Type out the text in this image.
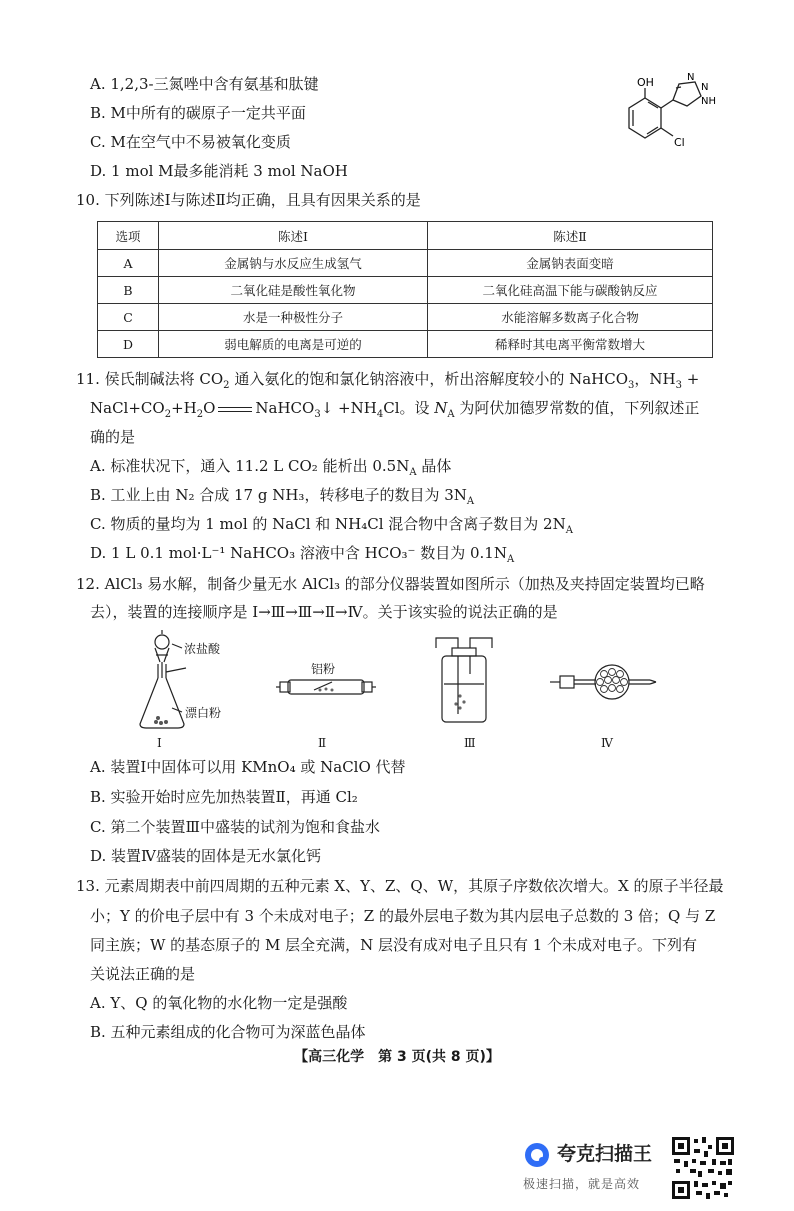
A. 1,2,3-三氮唑中含有氨基和肽键
B. M中所有的碳原子一定共平面
C. M在空气中不易被氧化变质
D. 1 mol M最多能消耗 3 mol NaOH
OH
Cl
N
N
NH
10. 下列陈述Ⅰ与陈述Ⅱ均正确，且具有因果关系的是
选项	陈述Ⅰ	陈述Ⅱ
A	金属钠与水反应生成氢气	金属钠表面变暗
B	二氧化硅是酸性氧化物	二氧化硅高温下能与碳酸钠反应
C	水是一种极性分子	水能溶解多数离子化合物
D	弱电解质的电离是可逆的	稀释时其电离平衡常数增大
11. 侯氏制碱法将 $CO_2$ 通入氨化的饱和氯化钠溶液中，析出溶解度较小的 NaHCO$_3$，$NH_3$ +
$NaCl+CO_2+H_2O$	NaHCO$_3$↓ $+NH_4Cl$。设 $N_A$ 为阿伏加德罗常数的值，下列叙述正
确的是
A. 标准状况下，通入 11.2 L CO₂ 能析出 $0.5N_A$ 晶体
B. 工业上由 N₂ 合成 17 g NH₃，转移电子的数目为 $3N_A$
C. 物质的量均为 1 mol 的 NaCl 和 NH₄Cl 混合物中含离子数目为 $2N_A$
D. 1 L 0.1 mol·L⁻¹ NaHCO₃ 溶液中含 HCO₃⁻ 数目为 $0.1N_A$
12. AlCl₃ 易水解，制备少量无水 AlCl₃ 的部分仪器装置如图所示（加热及夹持固定装置均已略
去），装置的连接顺序是 Ⅰ→Ⅲ→Ⅲ→Ⅱ→Ⅳ。关于该实验的说法正确的是
浓盐酸
漂白粉
Ⅰ
铝粉
Ⅱ	Ⅲ	Ⅳ
A. 装置Ⅰ中固体可以用 KMnO₄ 或 NaClO 代替
B. 实验开始时应先加热装置Ⅱ，再通 Cl₂
C. 第二个装置Ⅲ中盛装的试剂为饱和食盐水
D. 装置Ⅳ盛装的固体是无水氯化钙
13. 元素周期表中前四周期的五种元素 X、Y、Z、Q、W，其原子序数依次增大。X 的原子半径最
小；Y 的价电子层中有 3 个未成对电子；Z 的最外层电子数为其内层电子总数的 3 倍；Q 与 Z
同主族；W 的基态原子的 M 层全充满，N 层没有成对电子且只有 1 个未成对电子。下列有
关说法正确的是
A. Y、Q 的氧化物的水化物一定是强酸
B. 五种元素组成的化合物可为深蓝色晶体
【高三化学　第 3 页(共 8 页)】
夸克扫描王
极速扫描，就是高效
